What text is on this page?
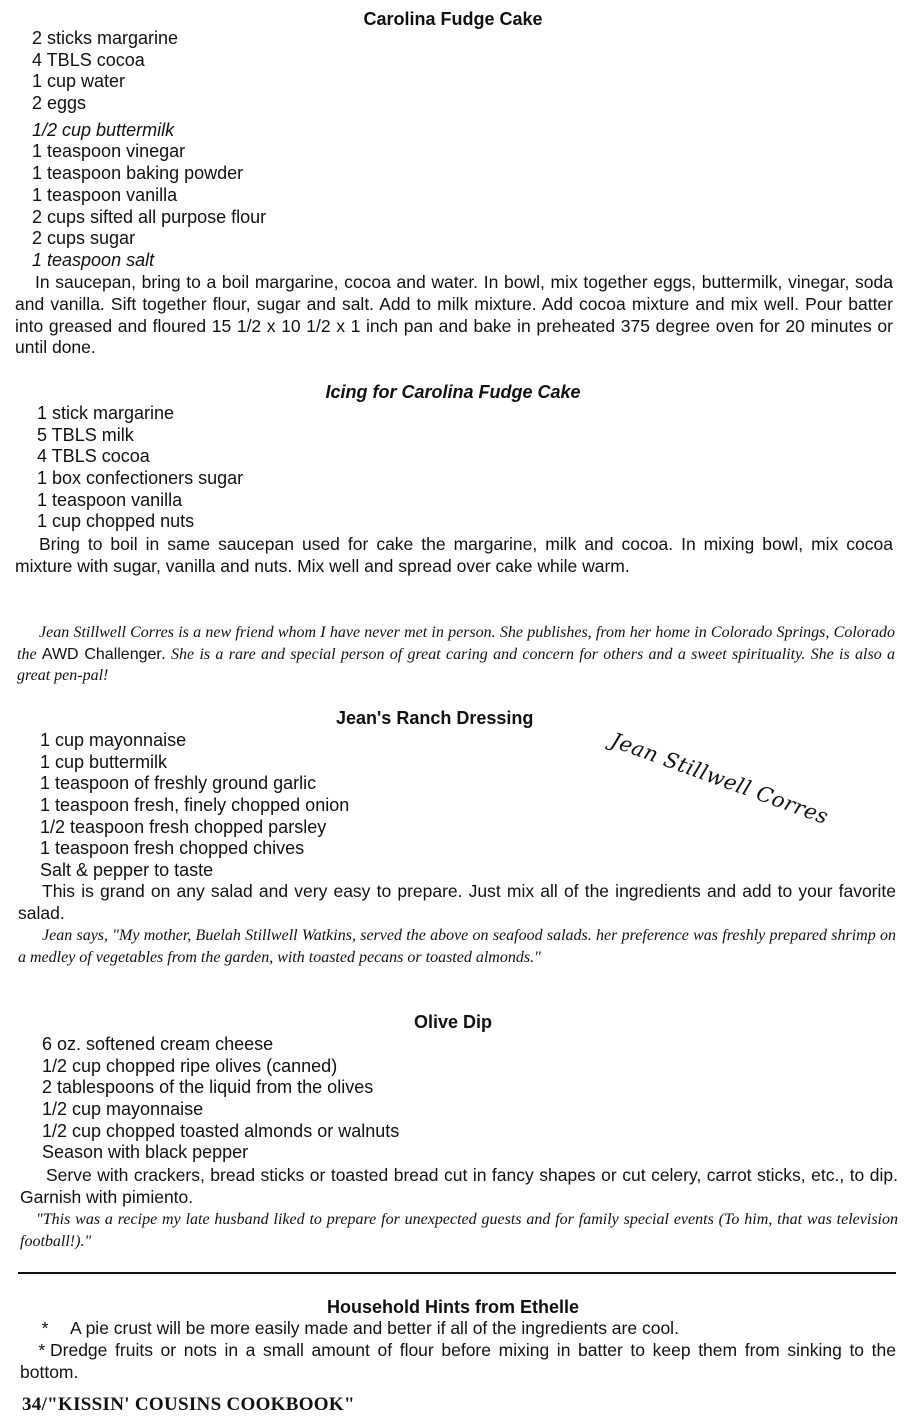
Carolina Fudge Cake
2 sticks margarine
4 TBLS cocoa
1 cup water
2 eggs
1/2 cup buttermilk
1 teaspoon vinegar
1 teaspoon baking powder
1 teaspoon vanilla
2 cups sifted all purpose flour
2 cups sugar
1 teaspoon salt
In saucepan, bring to a boil margarine, cocoa and water. In bowl, mix together eggs, buttermilk, vinegar, soda and vanilla. Sift together flour, sugar and salt. Add to milk mixture. Add cocoa mixture and mix well. Pour batter into greased and floured 15 1/2 x 10 1/2 x 1 inch pan and bake in preheated 375 degree oven for 20 minutes or until done.
Icing for Carolina Fudge Cake
1 stick margarine
5 TBLS milk
4 TBLS cocoa
1 box confectioners sugar
1 teaspoon vanilla
1 cup chopped nuts
Bring to boil in same saucepan used for cake the margarine, milk and cocoa. In mixing bowl, mix cocoa mixture with sugar, vanilla and nuts. Mix well and spread over cake while warm.
Jean Stillwell Corres is a new friend whom I have never met in person. She publishes, from her home in Colorado Springs, Colorado the AWD Challenger. She is a rare and special person of great caring and concern for others and a sweet spirituality. She is also a great pen-pal!
Jean's Ranch Dressing
Jean Stillwell Corres
1 cup mayonnaise
1 cup buttermilk
1 teaspoon of freshly ground garlic
1 teaspoon fresh, finely chopped onion
1/2 teaspoon fresh chopped parsley
1 teaspoon fresh chopped chives
Salt & pepper to taste
This is grand on any salad and very easy to prepare. Just mix all of the ingredients and add to your favorite salad.
Jean says, "My mother, Buelah Stillwell Watkins, served the above on seafood salads. her preference was freshly prepared shrimp on a medley of vegetables from the garden, with toasted pecans or toasted almonds."
Olive Dip
6 oz. softened cream cheese
1/2 cup chopped ripe olives (canned)
2 tablespoons of the liquid from the olives
1/2 cup mayonnaise
1/2 cup chopped toasted almonds or walnuts
Season with black pepper
Serve with crackers, bread sticks or toasted bread cut in fancy shapes or cut celery, carrot sticks, etc., to dip. Garnish with pimiento.
"This was a recipe my late husband liked to prepare for unexpected guests and for family special events (To him, that was television football!)."
Household Hints from Ethelle
* A pie crust will be more easily made and better if all of the ingredients are cool.
* Dredge fruits or nots in a small amount of flour before mixing in batter to keep them from sinking to the bottom.
34/"KISSIN' COUSINS COOKBOOK"
